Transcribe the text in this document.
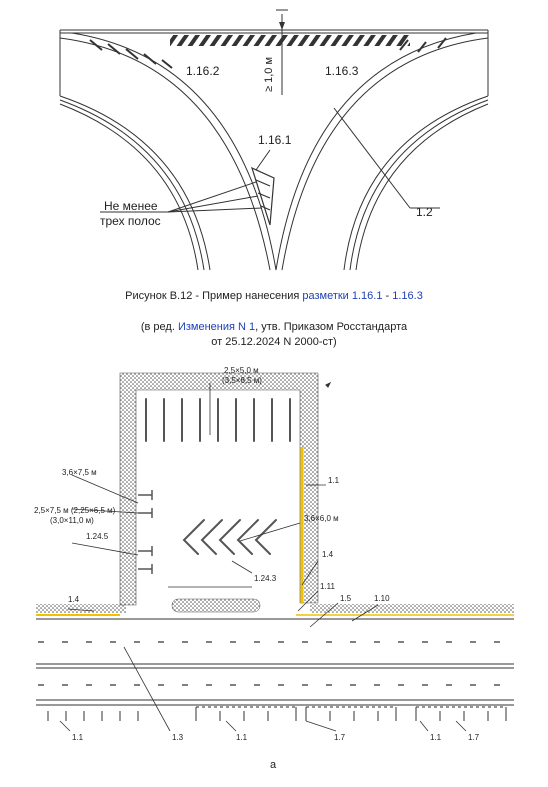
1.16.2	1.16.3
1.16.1
1.2
≥ 1,0 м
Не менее
трех полос
Рисунок В.12 - Пример нанесения разметки 1.16.1 - 1.16.3
(в ред. Изменения N 1, утв. Приказом Росстандарта
от 25.12.2024 N 2000-ст)
2,5×5,0 м
(3,5×8,5 м)
3,6×7,5 м
2,5×7,5 м (2,25×6,5 м)
(3,0×11,0 м)
1.24.5
3,6×6,0 м
1.1
1.4
1.11
1.24.3
1.4	1.5	1.10
1.1	1.3	1.1	1.7	1.1	1.7
а
